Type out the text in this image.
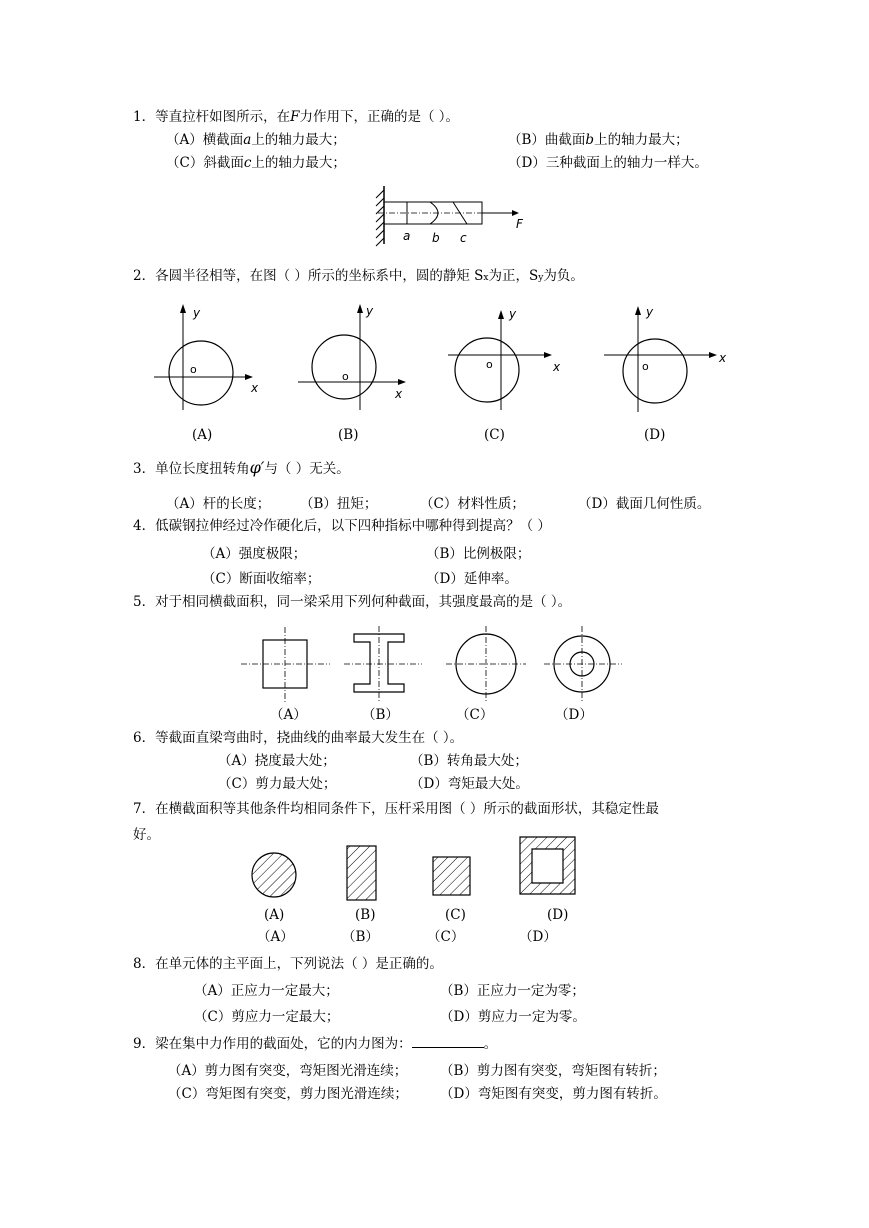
1．等直拉杆如图所示，在F力作用下，正确的是（ ）。
（A）横截面a上的轴力最大；	（B）曲截面b上的轴力最大；
（C）斜截面c上的轴力最大；	（D）三种截面上的轴力一样大。
a b c
F
2．各圆半径相等，在图（ ）所示的坐标系中，圆的静矩 Sx为正，Sy为负。
y
x
o
y
x
o
y
x
o
y
x
o
(A)	(B)	(C)	(D)
3．单位长度扭转角φ′与（ ）无关。
（A）杆的长度； （B）扭矩；	（C）材料性质；	（D）截面几何性质。
4．低碳钢拉伸经过冷作硬化后，以下四种指标中哪种得到提高？（ ）
（A）强度极限；	（B）比例极限；
（C）断面收缩率；	（D）延伸率。
5．对于相同横截面积，同一梁采用下列何种截面，其强度最高的是（ ）。
（A）	（B）	（C）	（D）
6．等截面直梁弯曲时，挠曲线的曲率最大发生在（ ）。
（A）挠度最大处；	（B）转角最大处；
（C）剪力最大处；	（D）弯矩最大处。
7．在横截面积等其他条件均相同条件下，压杆采用图（ ）所示的截面形状，其稳定性最
好。
(A)	(B)	(C)	(D)
（A）	（B）	（C）	（D）
8．在单元体的主平面上，下列说法（ ）是正确的。
（A）正应力一定最大；	（B）正应力一定为零；
（C）剪应力一定最大；	（D）剪应力一定为零。
9．梁在集中力作用的截面处，它的内力图为：	。
（A）剪力图有突变，弯矩图光滑连续； （B）剪力图有突变，弯矩图有转折；
（C）弯矩图有突变，剪力图光滑连续； （D）弯矩图有突变，剪力图有转折。
